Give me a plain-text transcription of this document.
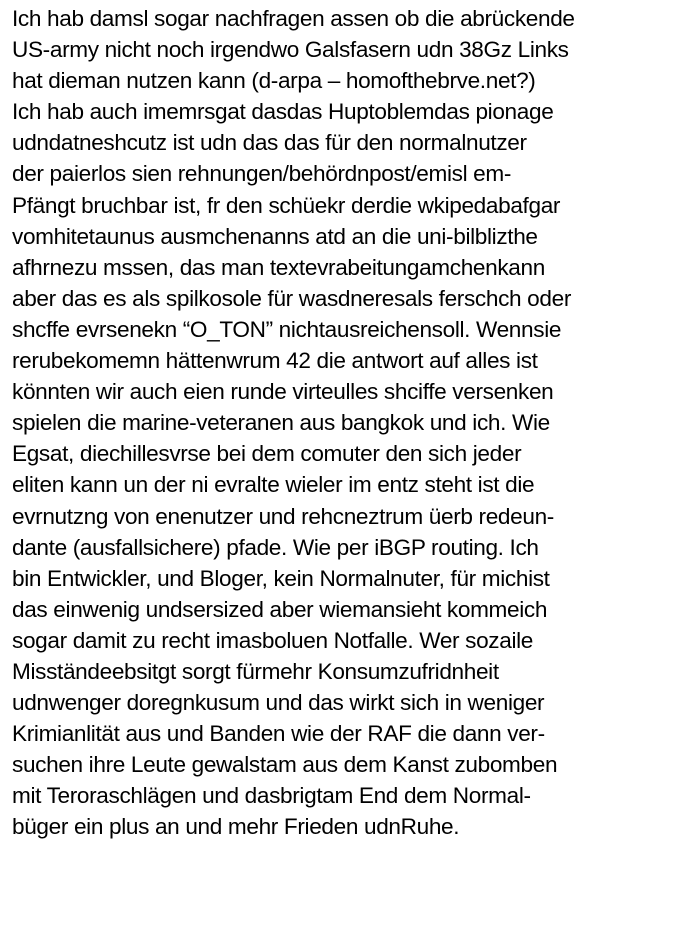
Ich hab damsl sogar nachfragen assen ob die abrückende
US-army nicht noch irgendwo Galsfasern udn 38Gz Links
hat dieman nutzen kann (d-arpa – homofthebrve.net?)
Ich hab auch imemrsgat dasdas Huptoblemdas pionage
udndatneshcutz ist udn das das für den normalnutzer
der paierlos sien rehnungen/behördnpost/emisl em-
Pfängt bruchbar ist, fr den schüekr derdie wkipedabafgar
vomhitetaunus ausmchenanns atd an die uni-bilblizthe
afhrnezu mssen, das man textevrabeitungamchenkann
aber das es als spilkosole für wasdneresals ferschch oder
shcffe evrsenekn “O_TON” nichtausreichensoll. Wennsie
rerubekomemn hättenwrum 42 die antwort auf alles ist
könnten wir auch eien runde virteulles shciffe versenken
spielen die marine-veteranen aus bangkok und ich. Wie
Egsat, diechillesvrse bei dem comuter den sich jeder
eliten kann un der ni evralte wieler im entz steht ist die
evrnutzng von enenutzer und rehcneztrum üerb redeun-
dante (ausfallsichere) pfade. Wie per iBGP routing. Ich
bin Entwickler, und Bloger, kein Normalnuter, für michist
das einwenig undsersized aber wiemansieht kommeich
sogar damit zu recht imasboluen Notfalle. Wer sozaile
Misständeebsitgt sorgt fürmehr Konsumzufridnheit
udnwenger doregnkusum und das wirkt sich in weniger
Krimianlität aus und Banden wie der RAF die dann ver-
suchen ihre Leute gewalstam aus dem Kanst zubomben
mit Teroraschlägen und dasbrigtam End dem Normal-
büger ein plus an und mehr Frieden udnRuhe.
